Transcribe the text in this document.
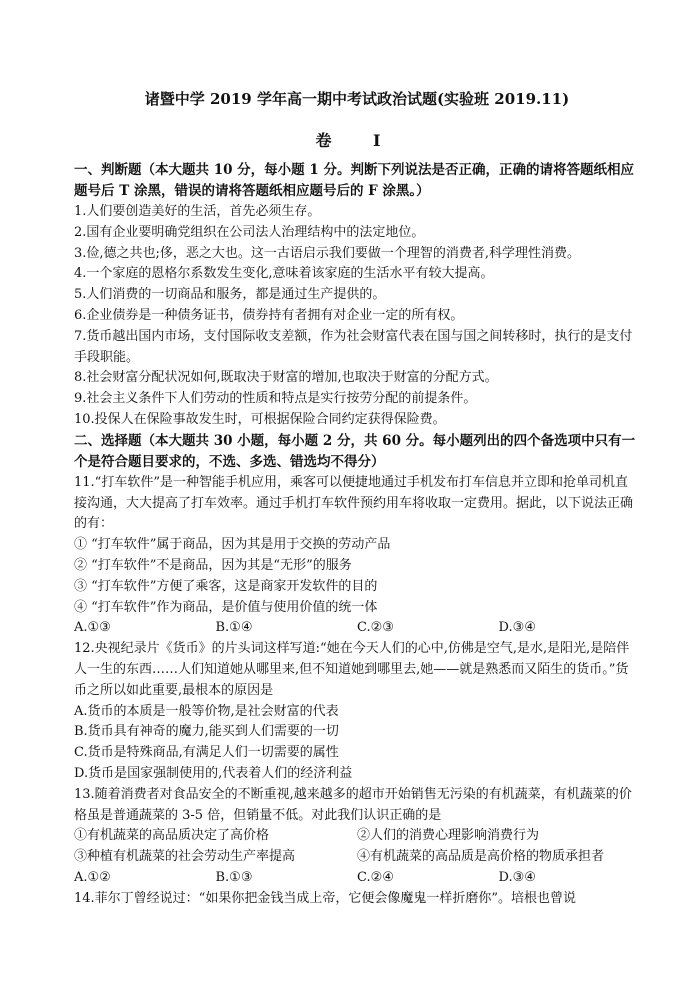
诸暨中学 2019 学年高一期中考试政治试题(实验班 2019.11)
卷 I
一、判断题（本大题共 10 分，每小题 1 分。判断下列说法是否正确，正确的请将答题纸相应题号后 T 涂黑，错误的请将答题纸相应题号后的 F 涂黑。）
1.人们要创造美好的生活，首先必须生存。
2.国有企业要明确党组织在公司法人治理结构中的法定地位。
3.俭,德之共也;侈，恶之大也。这一古语启示我们要做一个理智的消费者,科学理性消费。
4.一个家庭的恩格尔系数发生变化,意味着该家庭的生活水平有较大提高。
5.人们消费的一切商品和服务，都是通过生产提供的。
6.企业债券是一种债务证书，债券持有者拥有对企业一定的所有权。
7.货币越出国内市场，支付国际收支差额，作为社会财富代表在国与国之间转移时，执行的是支付手段职能。
8.社会财富分配状况如何,既取决于财富的增加,也取决于财富的分配方式。
9.社会主义条件下人们劳动的性质和特点是实行按劳分配的前提条件。
10.投保人在保险事故发生时，可根据保险合同约定获得保险费。
二、选择题（本大题共 30 小题，每小题 2 分，共 60 分。每小题列出的四个备选项中只有一个是符合题目要求的，不选、多选、错选均不得分）
11.“打车软件”是一种智能手机应用，乘客可以便捷地通过手机发布打车信息并立即和抢单司机直接沟通，大大提高了打车效率。通过手机打车软件预约用车将收取一定费用。据此，以下说法正确的有：
① “打车软件”属于商品，因为其是用于交换的劳动产品
② “打车软件”不是商品，因为其是“无形”的服务
③ “打车软件”方便了乘客，这是商家开发软件的目的
④ “打车软件”作为商品，是价值与使用价值的统一体
A.①③	B.①④	C.②③	D.③④
12.央视纪录片《货币》的片头词这样写道:“她在今天人们的心中,仿佛是空气,是水,是阳光,是陪伴人一生的东西……人们知道她从哪里来,但不知道她到哪里去,她——就是熟悉而又陌生的货币。”货币之所以如此重要,最根本的原因是
A.货币的本质是一般等价物,是社会财富的代表
B.货币具有神奇的魔力,能买到人们需要的一切
C.货币是特殊商品,有满足人们一切需要的属性
D.货币是国家强制使用的,代表着人们的经济利益
13.随着消费者对食品安全的不断重视,越来越多的超市开始销售无污染的有机蔬菜，有机蔬菜的价格虽是普通蔬菜的 3-5 倍，但销量不低。对此我们认识正确的是
①有机蔬菜的高品质决定了高价格	②人们的消费心理影响消费行为
③种植有机蔬菜的社会劳动生产率提高	④有机蔬菜的高品质是高价格的物质承担者
A.①②	B.①③	C.②④	D.③④
14.菲尔丁曾经说过：“如果你把金钱当成上帝，它便会像魔鬼一样折磨你”。培根也曾说
